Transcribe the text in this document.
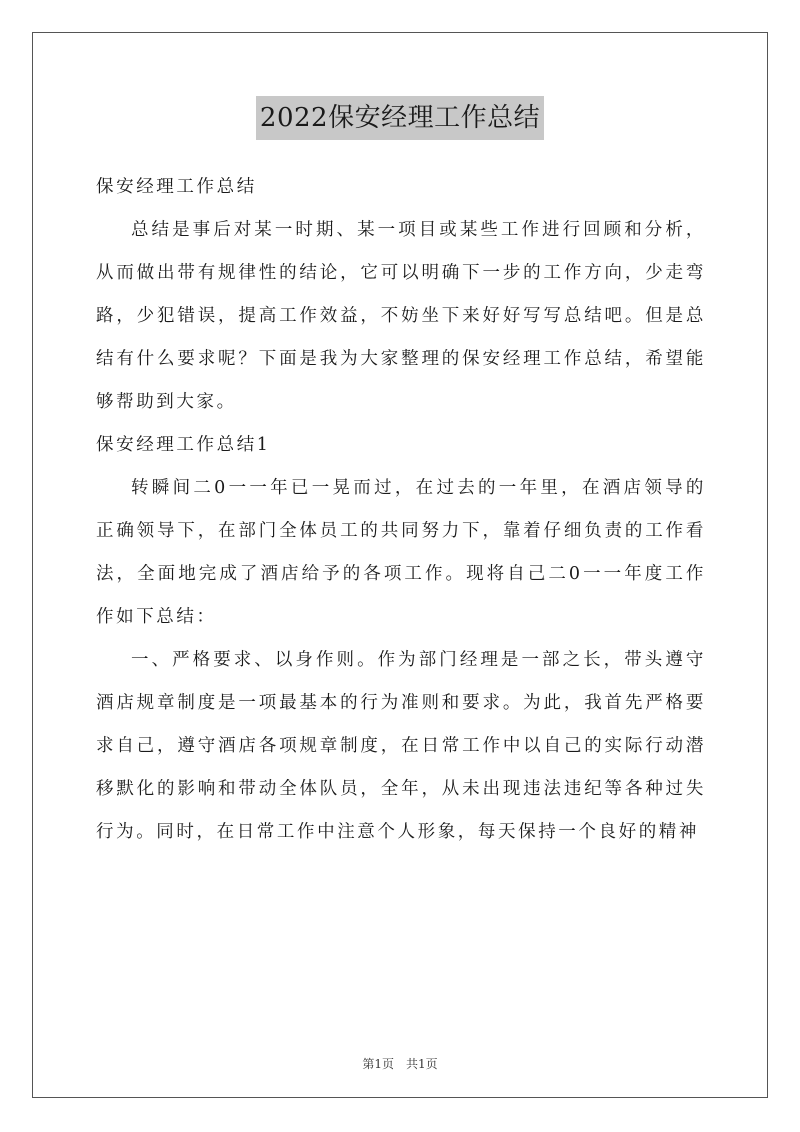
2022保安经理工作总结

保安经理工作总结

总结是事后对某一时期、某一项目或某些工作进行回顾和分析，从而做出带有规律性的结论，它可以明确下一步的工作方向，少走弯路，少犯错误，提高工作效益，不妨坐下来好好写写总结吧。但是总结有什么要求呢？下面是我为大家整理的保安经理工作总结，希望能够帮助到大家。

保安经理工作总结1

转瞬间二0一一年已一晃而过，在过去的一年里，在酒店领导的正确领导下，在部门全体员工的共同努力下，靠着仔细负责的工作看法，全面地完成了酒店给予的各项工作。现将自己二0一一年度工作作如下总结：

一、严格要求、以身作则。作为部门经理是一部之长，带头遵守酒店规章制度是一项最基本的行为准则和要求。为此，我首先严格要求自己，遵守酒店各项规章制度，在日常工作中以自己的实际行动潜移默化的影响和带动全体队员，全年，从未出现违法违纪等各种过失行为。同时，在日常工作中注意个人形象，每天保持一个良好的精神

第1页　共1页
